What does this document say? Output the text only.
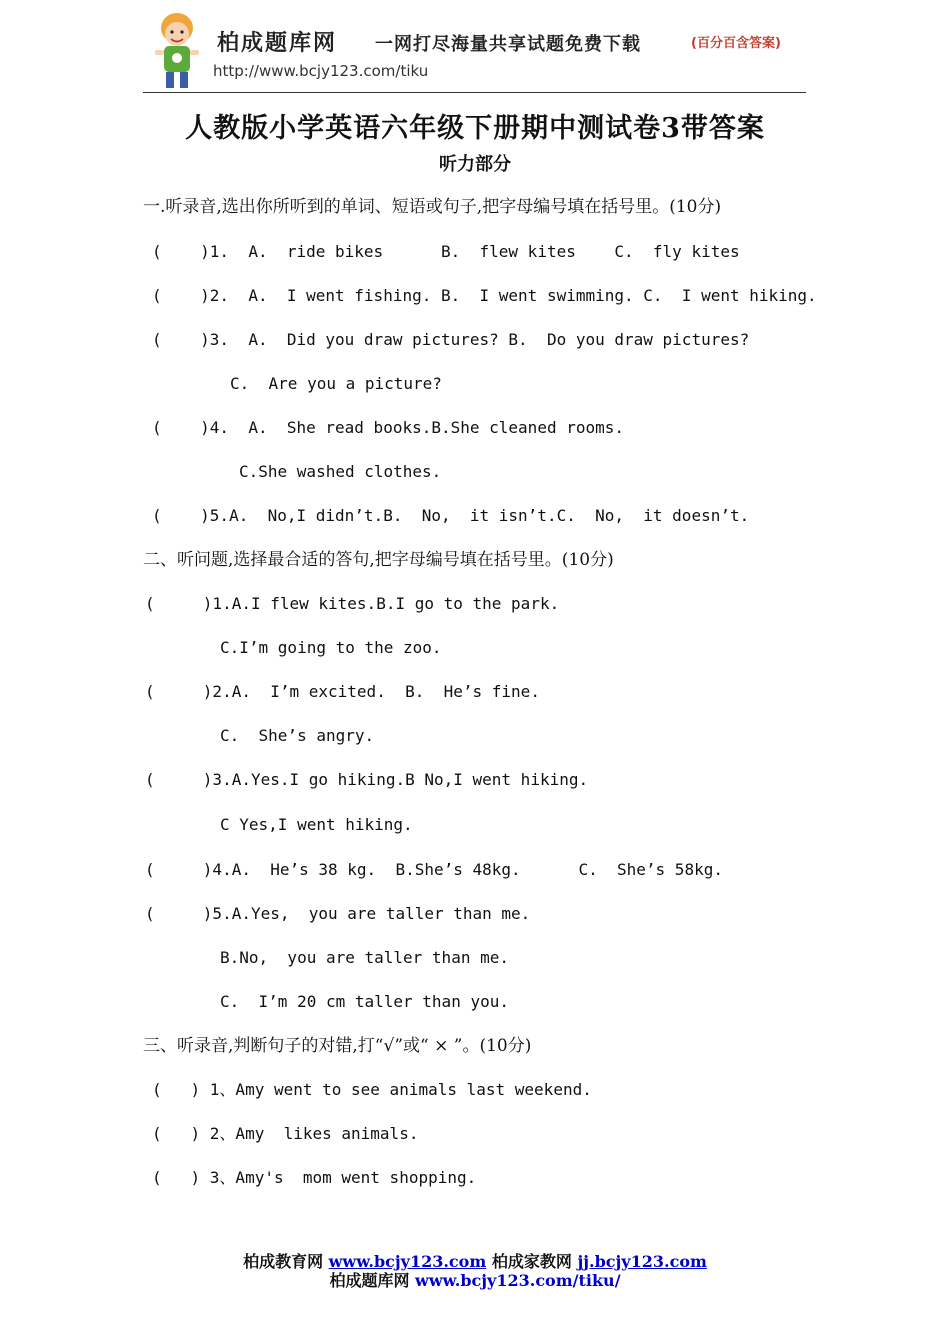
柏成题库网 一网打尽海量共享试题免费下载	(百分百含答案)
http://www.bcjy123.com/tiku
人教版小学英语六年级下册期中测试卷3带答案
听力部分
一.听录音,选出你所听到的单词、短语或句子,把字母编号填在括号里。(10分)
(    )1.  A.  ride bikes      B.  flew kites    C.  fly kites
(    )2.  A.  I went fishing. B.  I went swimming. C.  I went hiking.
(    )3.  A.  Did you draw pictures? B.  Do you draw pictures?
C.  Are you a picture?
(    )4.  A.  She read books.B.She cleaned rooms.
C.She washed clothes.
(    )5.A.  No,I didn’t.B.  No,  it isn’t.C.  No,  it doesn’t.
二、听问题,选择最合适的答句,把字母编号填在括号里。(10分)
(     )1.A.I flew kites.B.I go to the park.
C.I’m going to the zoo.
(     )2.A.  I’m excited.  B.  He’s fine.
C.  She’s angry.
(     )3.A.Yes.I go hiking.B No,I went hiking.
C Yes,I went hiking.
(     )4.A.  He’s 38 kg.  B.She’s 48kg.      C.  She’s 58kg.
(     )5.A.Yes,  you are taller than me.
B.No,  you are taller than me.
C.  I’m 20 cm taller than you.
三、听录音,判断句子的对错,打“√”或“ × ”。(10分)
(   ) 1、Amy went to see animals last weekend.
(   ) 2、Amy  likes animals.
(   ) 3、Amy's  mom went shopping.
柏成教育网 www.bcjy123.com 柏成家教网 jj.bcjy123.com
柏成题库网 www.bcjy123.com/tiku/
